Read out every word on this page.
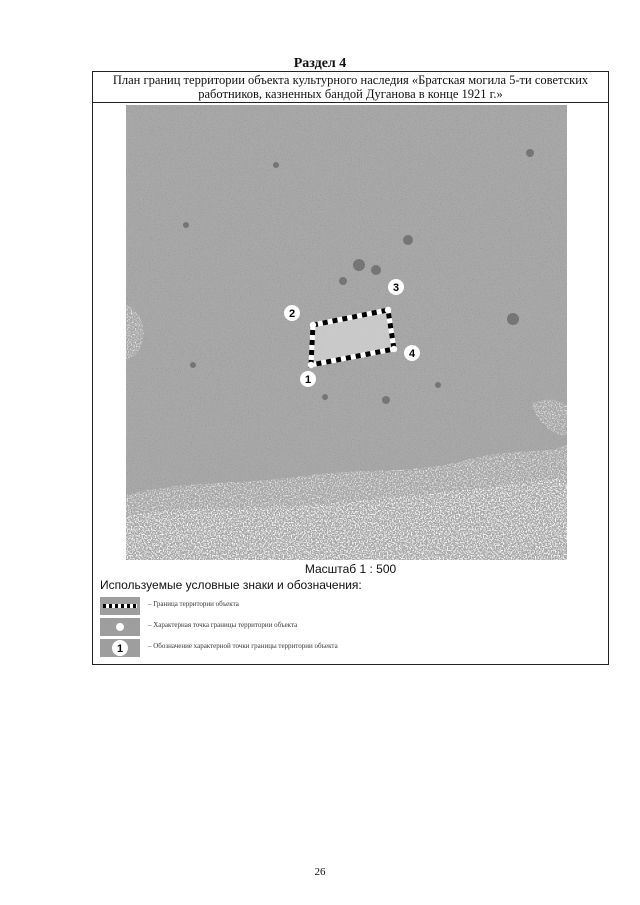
Раздел 4
План границ территории объекта культурного наследия «Братская могила 5-ти советских
работников, казненных бандой Дуганова в конце 1921 г.»
1
2
3
4
Масштаб 1 : 500
Используемые условные знаки и обозначения:
– Граница территории объекта
– Характерная точка границы территории объекта
1	– Обозначение характерной точки границы территории объекта
26
